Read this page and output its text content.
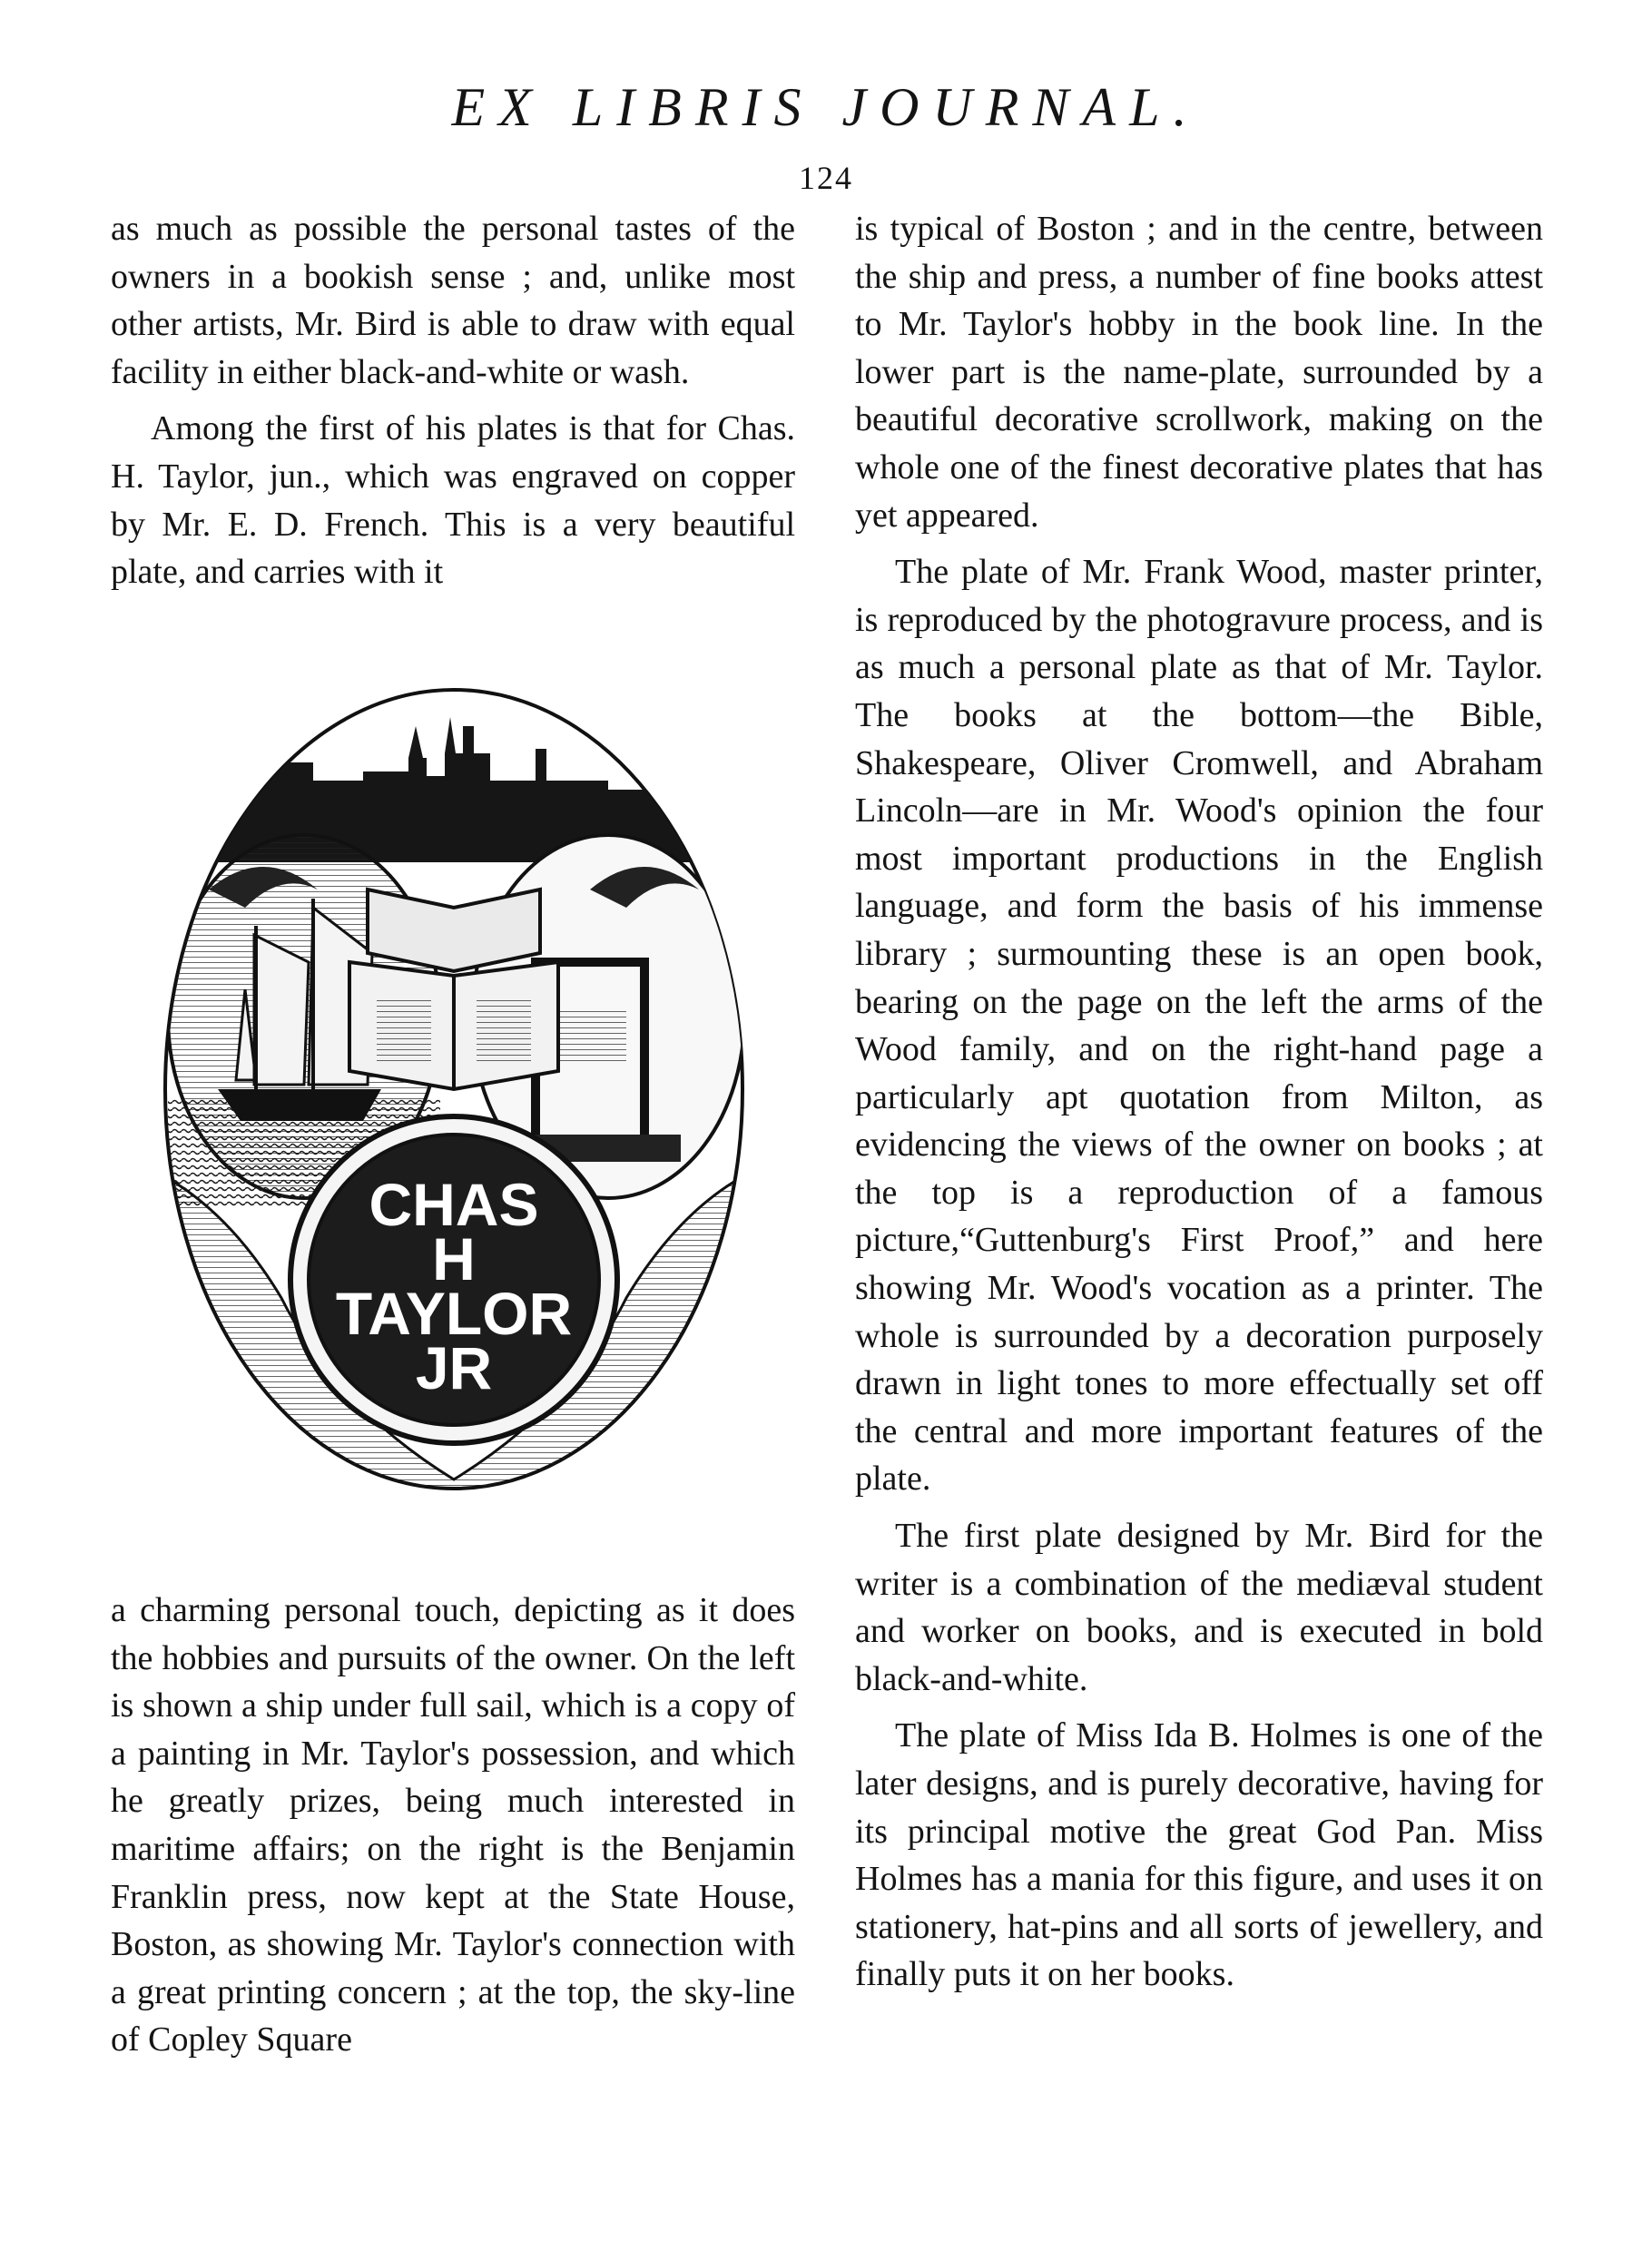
EX LIBRIS JOURNAL.
124

as much as possible the personal tastes of the owners in a bookish sense ; and, unlike most other artists, Mr. Bird is able to draw with equal facility in either black-and-white or wash.

Among the first of his plates is that for Chas. H. Taylor, jun., which was engraved on copper by Mr. E. D. French. This is a very beautiful plate, and carries with it

CHAS
H
TAYLOR
JR

a charming personal touch, depicting as it does the hobbies and pursuits of the owner. On the left is shown a ship under full sail, which is a copy of a painting in Mr. Taylor's possession, and which he greatly prizes, being much interested in maritime affairs; on the right is the Benjamin Franklin press, now kept at the State House, Boston, as showing Mr. Taylor's connection with a great printing concern ; at the top, the sky-line of Copley Square

is typical of Boston ; and in the centre, between the ship and press, a number of fine books attest to Mr. Taylor's hobby in the book line. In the lower part is the name-plate, surrounded by a beautiful decorative scrollwork, making on the whole one of the finest decorative plates that has yet appeared.

The plate of Mr. Frank Wood, master printer, is reproduced by the photogravure process, and is as much a personal plate as that of Mr. Taylor. The books at the bottom—the Bible, Shakespeare, Oliver Cromwell, and Abraham Lincoln—are in Mr. Wood's opinion the four most important productions in the English language, and form the basis of his immense library ; surmounting these is an open book, bearing on the page on the left the arms of the Wood family, and on the right-hand page a particularly apt quotation from Milton, as evidencing the views of the owner on books ; at the top is a reproduction of a famous picture,“Guttenburg's First Proof,” and here showing Mr. Wood's vocation as a printer. The whole is surrounded by a decoration purposely drawn in light tones to more effectually set off the central and more important features of the plate.

The first plate designed by Mr. Bird for the writer is a combination of the mediæval student and worker on books, and is executed in bold black-and-white.

The plate of Miss Ida B. Holmes is one of the later designs, and is purely decorative, having for its principal motive the great God Pan. Miss Holmes has a mania for this figure, and uses it on stationery, hat-pins and all sorts of jewellery, and finally puts it on her books.
